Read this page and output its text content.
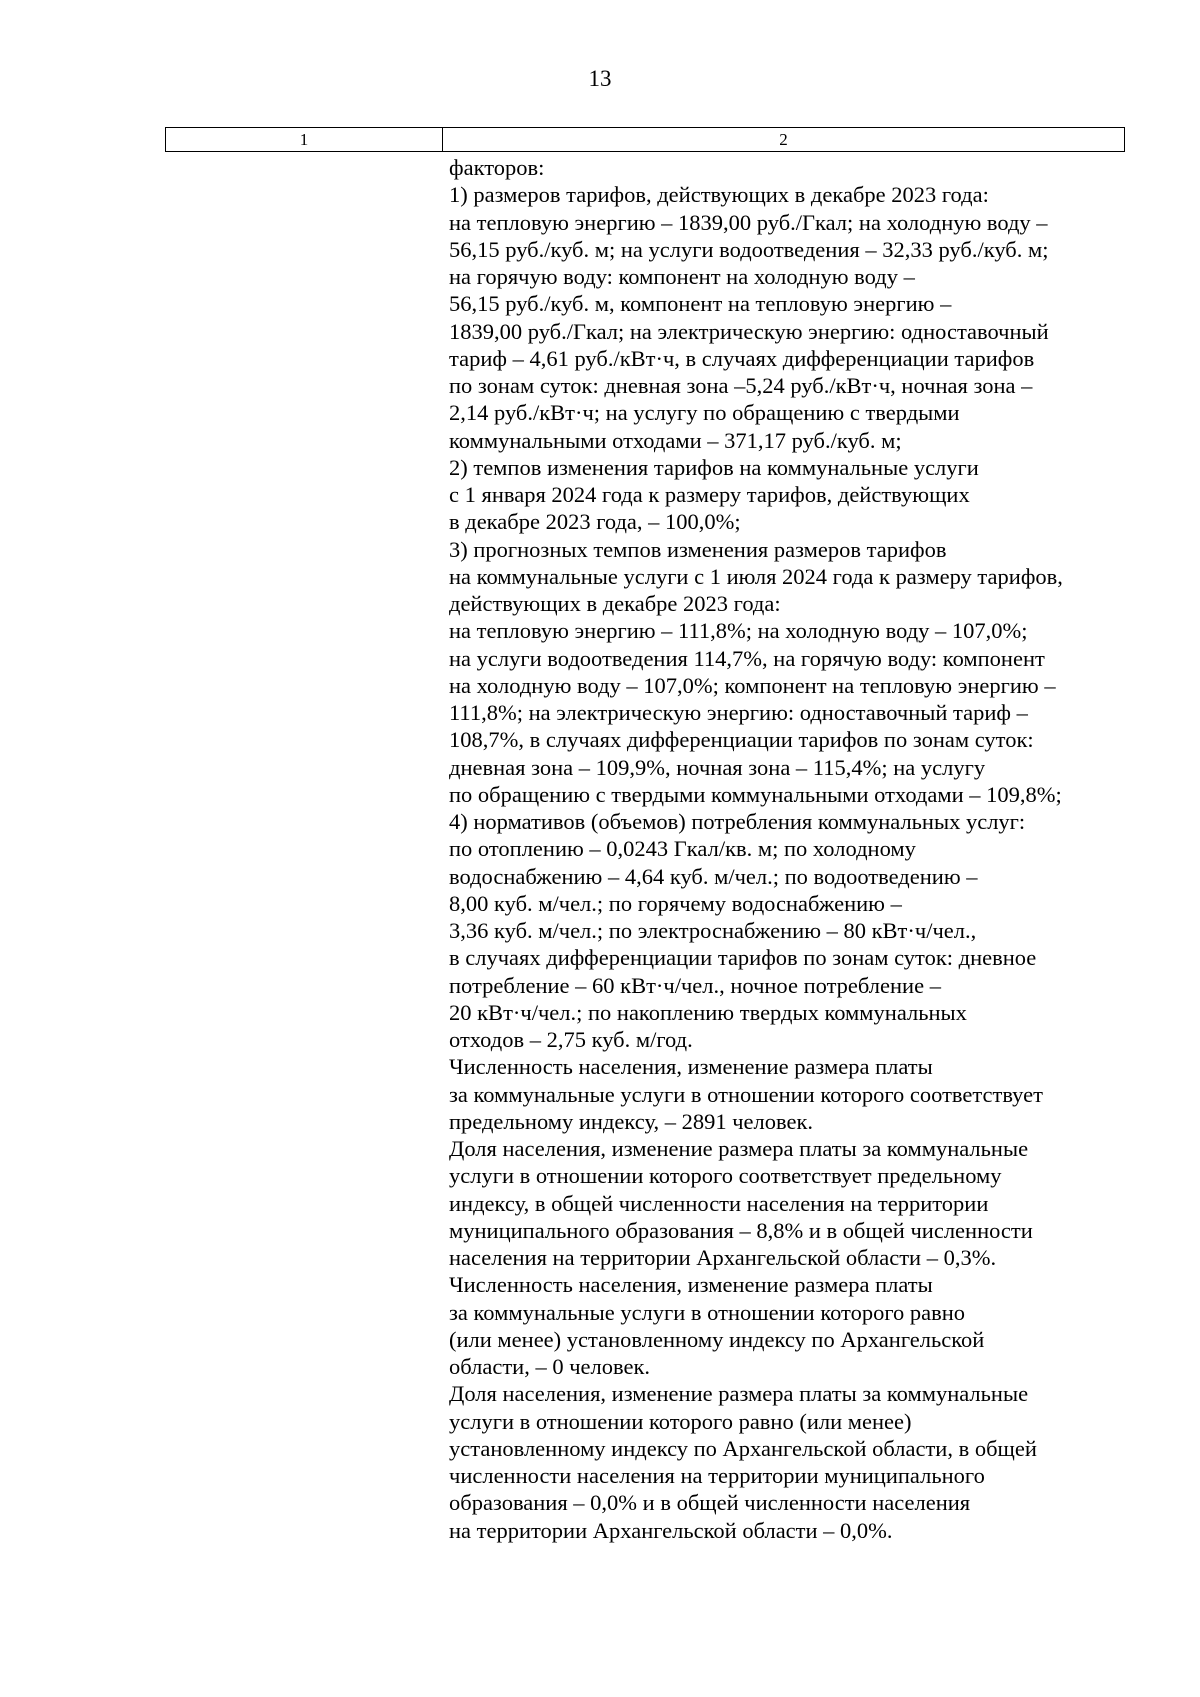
13
1	2
факторов:
1) размеров тарифов, действующих в декабре 2023 года:
на тепловую энергию – 1839,00 руб./Гкал; на холодную воду –
56,15 руб./куб. м; на услуги водоотведения – 32,33 руб./куб. м;
на горячую воду: компонент на холодную воду –
56,15 руб./куб. м, компонент на тепловую энергию –
1839,00 руб./Гкал; на электрическую энергию: одноставочный
тариф – 4,61 руб./кВт·ч, в случаях дифференциации тарифов
по зонам суток: дневная зона –5,24 руб./кВт·ч, ночная зона –
2,14 руб./кВт·ч; на услугу по обращению с твердыми
коммунальными отходами – 371,17 руб./куб. м;
2) темпов изменения тарифов на коммунальные услуги
с 1 января 2024 года к размеру тарифов, действующих
в декабре 2023 года, – 100,0%;
3) прогнозных темпов изменения размеров тарифов
на коммунальные услуги с 1 июля 2024 года к размеру тарифов,
действующих в декабре 2023 года:
на тепловую энергию – 111,8%; на холодную воду – 107,0%;
на услуги водоотведения 114,7%, на горячую воду: компонент
на холодную воду – 107,0%; компонент на тепловую энергию –
111,8%; на электрическую энергию: одноставочный тариф –
108,7%, в случаях дифференциации тарифов по зонам суток:
дневная зона – 109,9%, ночная зона – 115,4%; на услугу
по обращению с твердыми коммунальными отходами – 109,8%;
4) нормативов (объемов) потребления коммунальных услуг:
по отоплению – 0,0243 Гкал/кв. м; по холодному
водоснабжению – 4,64 куб. м/чел.; по водоотведению –
8,00 куб. м/чел.; по горячему водоснабжению –
3,36 куб. м/чел.; по электроснабжению – 80 кВт·ч/чел.,
в случаях дифференциации тарифов по зонам суток: дневное
потребление – 60 кВт·ч/чел., ночное потребление –
20 кВт·ч/чел.; по накоплению твердых коммунальных
отходов – 2,75 куб. м/год.
Численность населения, изменение размера платы
за коммунальные услуги в отношении которого соответствует
предельному индексу, – 2891 человек.
Доля населения, изменение размера платы за коммунальные
услуги в отношении которого соответствует предельному
индексу, в общей численности населения на территории
муниципального образования – 8,8% и в общей численности
населения на территории Архангельской области – 0,3%.
Численность населения, изменение размера платы
за коммунальные услуги в отношении которого равно
(или менее) установленному индексу по Архангельской
области, – 0 человек.
Доля населения, изменение размера платы за коммунальные
услуги в отношении которого равно (или менее)
установленному индексу по Архангельской области, в общей
численности населения на территории муниципального
образования – 0,0% и в общей численности населения
на территории Архангельской области – 0,0%.
